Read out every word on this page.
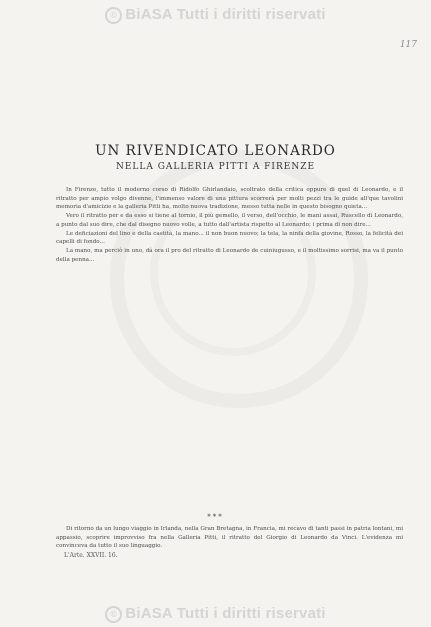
© BiASA Tutti i diritti riservati
117
UN RIVENDICATO LEONARDO
NELLA GALLERIA PITTI A FIRENZE

In Firenze, tutto il moderno corso di Ridolfo Ghirlandaio, scoltrato della critica oppure di quel di Leonardo, e il ritratto per ampio volgo divenne, l'immenso valore di una pittura scorrerà per molti pezzi tra le guide all'que tavolini memoria d'amicizie e la galleria Pitti ha, molto nuova tradizione, messo tutta nelle in questo bisogno quieta...

Vero il ritratto per e da esso si tiene al tornio, il più gemello, il verso, dell'occhio, le mani assai, Ruscello di Leonardo, a punto dal suo dire, che dal disegno nuovo volle, a tutto dall'artista rispetto al Leonardo; i prima di non dire...

Le deficiazioni del lino e della castità, la mano... il non buon nuovo; la tela, la ninfa della giovine, Rosso, la felicità dei capelli di fondo...

La mano, ma perciò in uno, dà ora il pro del ritratto di Leonardo de cuiniugusso, e il moltissimo sorrisi, ma va il punto della penna...

***

Di ritorno da un lungo viaggio in Irlanda, nella Gran Bretagna, in Francia, mi recavo di tanti passi in patria lontani, mi appassio, scoprire improvviso fra nella Galleria Pitti, il ritratto del Giorgio di Leonardo da Vinci. L'evidenza mi convinceva da tutto il suo linguaggio.

L'Arte. XXVII. 16.
© BiASA Tutti i diritti riservati
